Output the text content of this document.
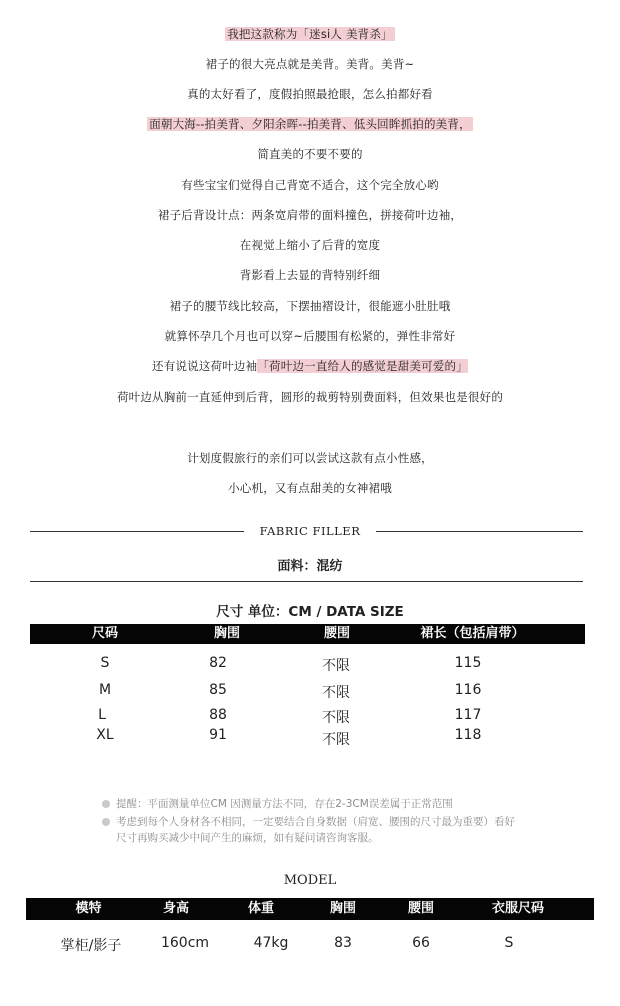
我把这款称为「迷si人 美背杀」
裙子的很大亮点就是美背。美背。美背~
真的太好看了，度假拍照最抢眼，怎么拍都好看
面朝大海--拍美背、夕阳余晖--拍美背、低头回眸抓拍的美背，
简直美的不要不要的
有些宝宝们觉得自己背宽不适合，这个完全放心哟
裙子后背设计点：两条宽肩带的面料撞色，拼接荷叶边袖，
在视觉上缩小了后背的宽度
背影看上去显的背特别纤细
裙子的腰节线比较高，下摆抽褶设计，很能遮小肚肚哦
就算怀孕几个月也可以穿~后腰围有松紧的，弹性非常好
还有说说这荷叶边袖「荷叶边一直给人的感觉是甜美可爱的」
荷叶边从胸前一直延伸到后背，圆形的裁剪特别费面料，但效果也是很好的
计划度假旅行的亲们可以尝试这款有点小性感，
小心机，又有点甜美的女神裙哦
FABRIC FILLER
面料：混纺
尺寸 单位：CM / DATA SIZE
尺码	胸围	腰围	裙长（包括肩带）
S	82	不限	115
M	85	不限	116
L	88	不限	117
XL	91	不限	118
提醒：平面测量单位CM 因测量方法不同，存在2-3CM误差属于正常范围
考虑到每个人身材各不相同，一定要结合自身数据（肩宽、腰围的尺寸最为重要）看好尺寸再购买减少中间产生的麻烦，如有疑问请咨询客服。
MODEL
模特	身高	体重	胸围	腰围	衣服尺码
掌柜/影子	160cm	47kg	83	66	S
